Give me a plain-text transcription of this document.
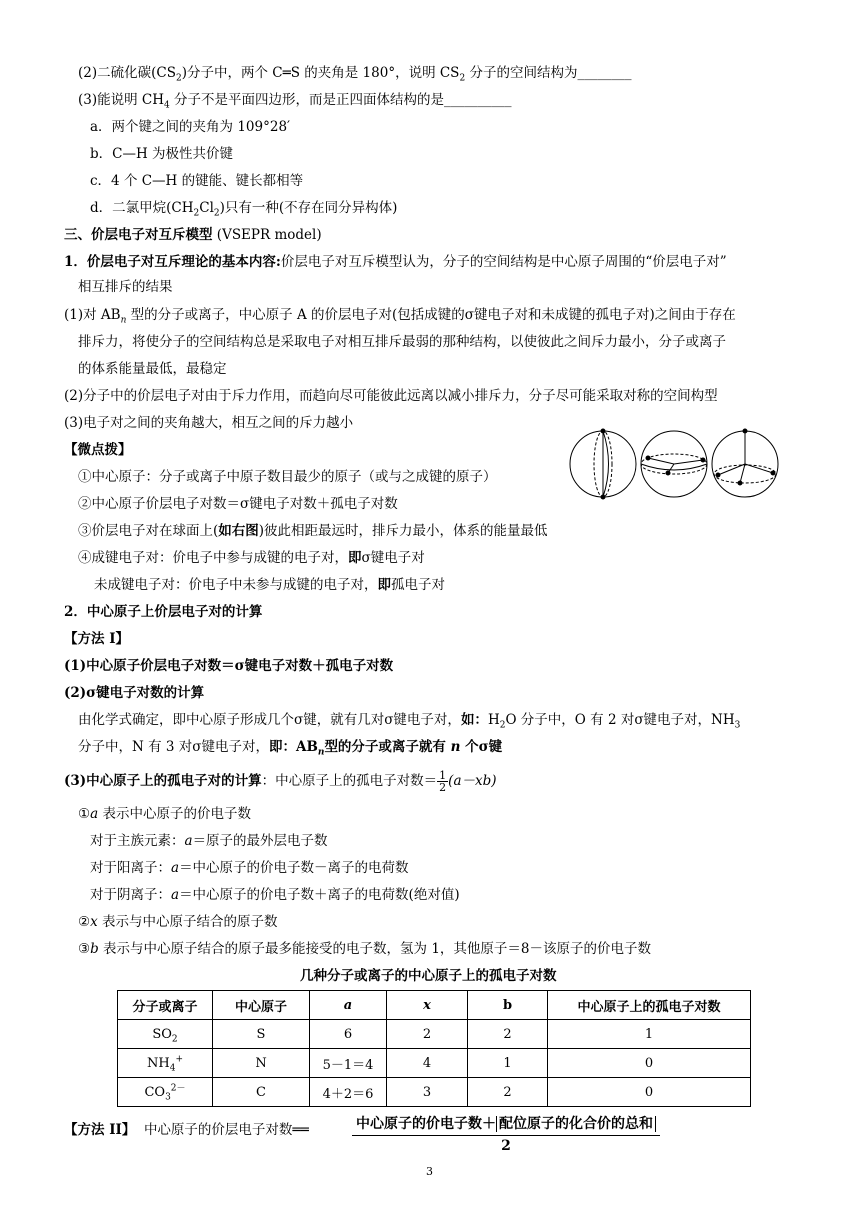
(2)二硫化碳$(CS_2)$分子中，两个 C═S 的夹角是 180°，说明 $CS_2$ 分子的空间结构为________
(3)能说明 $CH_4$ 分子不是平面四边形，而是正四面体结构的是__________
a．两个键之间的夹角为 109°28′
b．C—H 为极性共价键
c．4 个 C—H 的键能、键长都相等
d．二氯甲烷$(CH_2Cl_2)$只有一种(不存在同分异构体)
三、价层电子对互斥模型 (VSEPR model)
1．价层电子对互斥理论的基本内容:价层电子对互斥模型认为，分子的空间结构是中心原子周围的“价层电子对”
相互排斥的结果
(1)对 $AB_n$ 型的分子或离子，中心原子 A 的价层电子对(包括成键的σ键电子对和未成键的孤电子对)之间由于存在
排斥力，将使分子的空间结构总是采取电子对相互排斥最弱的那种结构，以使彼此之间斥力最小，分子或离子
的体系能量最低，最稳定
(2)分子中的价层电子对由于斥力作用，而趋向尽可能彼此远离以减小排斥力，分子尽可能采取对称的空间构型
(3)电子对之间的夹角越大，相互之间的斥力越小
【微点拨】
①中心原子：分子或离子中原子数目最少的原子（或与之成键的原子）
②中心原子价层电子对数＝σ键电子对数＋孤电子对数
③价层电子对在球面上(如右图)彼此相距最远时，排斥力最小，体系的能量最低
④成键电子对：价电子中参与成键的电子对，即σ键电子对
未成键电子对：价电子中未参与成键的电子对，即孤电子对
2．中心原子上价层电子对的计算
【方法 I】
(1)中心原子价层电子对数＝σ键电子对数＋孤电子对数
(2)σ键电子对数的计算
由化学式确定，即中心原子形成几个σ键，就有几对σ键电子对，如：$H_2O$ 分子中，O 有 2 对σ键电子对，$NH_3$
分子中，N 有 3 对σ键电子对，即：$AB_n$型的分子或离子就有 n 个σ键
(3)中心原子上的孤电子对的计算：中心原子上的孤电子对数＝ $\frac{1}{2} (a-xb)$
①a 表示中心原子的价电子数
对于主族元素：a＝原子的最外层电子数
对于阳离子：a＝中心原子的价电子数－离子的电荷数
对于阴离子：a＝中心原子的价电子数＋离子的电荷数(绝对值)
②x 表示与中心原子结合的原子数
③b 表示与中心原子结合的原子最多能接受的电子数，氢为 1，其他原子＝8－该原子的价电子数
几种分子或离子的中心原子上的孤电子对数
分子或离子	中心原子	a	x	b	中心原子上的孤电子对数
$SO_2$	S	6	2	2	1
$NH_4^+$	N	5－1＝4	4	1	0
$CO_3^{2-}$	C	4＋2＝6	3	2	0
【方法 II】 中心原子的价层电子对数══	中心原子的价电子数＋ 配位原子的化合价的总和
2
3
